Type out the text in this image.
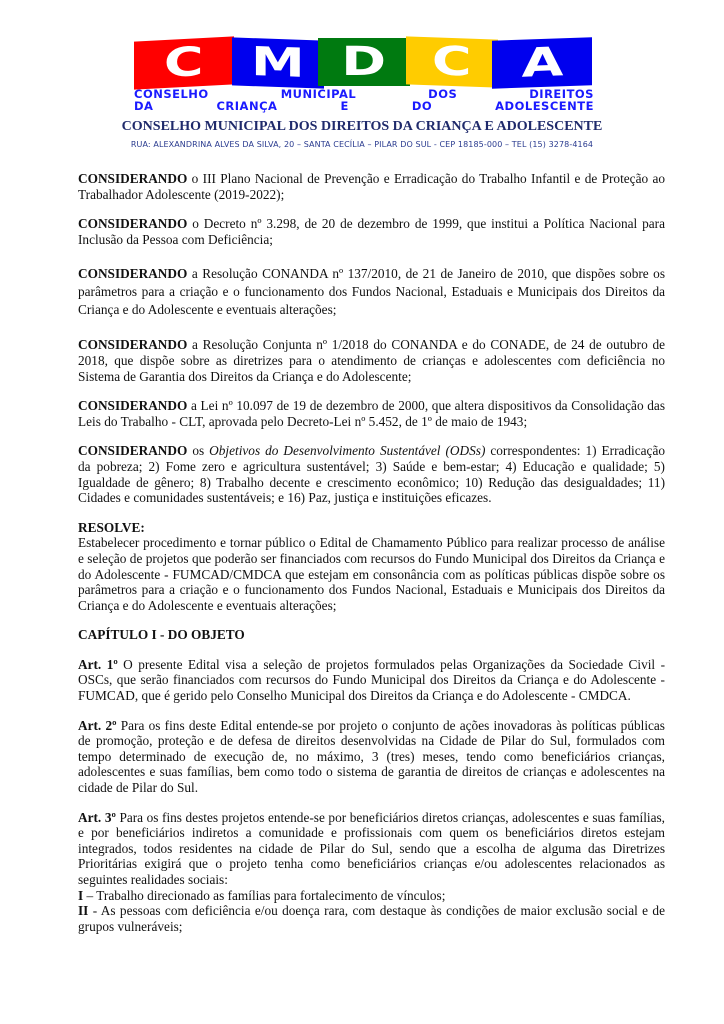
C M D C A
CONSELHO	MUNICIPAL	DOS	DIREITOS
DA	CRIANÇA	E	DO	ADOLESCENTE
CONSELHO MUNICIPAL DOS DIREITOS DA CRIANÇA E ADOLESCENTE
RUA: ALEXANDRINA ALVES DA SILVA, 20 – SANTA CECÍLIA – PILAR DO SUL - CEP 18185-000 – TEL (15) 3278-4164

CONSIDERANDO o III Plano Nacional de Prevenção e Erradicação do Trabalho Infantil e de Proteção ao Trabalhador Adolescente (2019-2022);

CONSIDERANDO o Decreto nº 3.298, de 20 de dezembro de 1999, que institui a Política Nacional para Inclusão da Pessoa com Deficiência;

CONSIDERANDO a Resolução CONANDA nº 137/2010, de 21 de Janeiro de 2010, que dispões sobre os parâmetros para a criação e o funcionamento dos Fundos Nacional, Estaduais e Municipais dos Direitos da Criança e do Adolescente e eventuais alterações;

CONSIDERANDO a Resolução Conjunta nº 1/2018 do CONANDA e do CONADE, de 24 de outubro de 2018, que dispõe sobre as diretrizes para o atendimento de crianças e adolescentes com deficiência no Sistema de Garantia dos Direitos da Criança e do Adolescente;

CONSIDERANDO a Lei nº 10.097 de 19 de dezembro de 2000, que altera dispositivos da Consolidação das Leis do Trabalho - CLT, aprovada pelo Decreto-Lei nº 5.452, de 1º de maio de 1943;

CONSIDERANDO os Objetivos do Desenvolvimento Sustentável (ODSs) correspondentes: 1) Erradicação da pobreza; 2) Fome zero e agricultura sustentável; 3) Saúde e bem-estar; 4) Educação e qualidade; 5) Igualdade de gênero; 8) Trabalho decente e crescimento econômico; 10) Redução das desigualdades; 11) Cidades e comunidades sustentáveis; e 16) Paz, justiça e instituições eficazes.

RESOLVE:

Estabelecer procedimento e tornar público o Edital de Chamamento Público para realizar processo de análise e seleção de projetos que poderão ser financiados com recursos do Fundo Municipal dos Direitos da Criança e do Adolescente - FUMCAD/CMDCA que estejam em consonância com as políticas públicas dispõe sobre os parâmetros para a criação e o funcionamento dos Fundos Nacional, Estaduais e Municipais dos Direitos da Criança e do Adolescente e eventuais alterações;

CAPÍTULO I - DO OBJETO

Art. 1º O presente Edital visa a seleção de projetos formulados pelas Organizações da Sociedade Civil - OSCs, que serão financiados com recursos do Fundo Municipal dos Direitos da Criança e do Adolescente - FUMCAD, que é gerido pelo Conselho Municipal dos Direitos da Criança e do Adolescente - CMDCA.

Art. 2º Para os fins deste Edital entende-se por projeto o conjunto de ações inovadoras às políticas públicas de promoção, proteção e de defesa de direitos desenvolvidas na Cidade de Pilar do Sul, formulados com tempo determinado de execução de, no máximo, 3 (tres) meses, tendo como beneficiários crianças, adolescentes e suas famílias, bem como todo o sistema de garantia de direitos de crianças e adolescentes na cidade de Pilar do Sul.

Art. 3º Para os fins destes projetos entende-se por beneficiários diretos crianças, adolescentes e suas famílias, e por beneficiários indiretos a comunidade e profissionais com quem os beneficiários diretos estejam integrados, todos residentes na cidade de Pilar do Sul, sendo que a escolha de alguma das Diretrizes Prioritárias exigirá que o projeto tenha como beneficiários crianças e/ou adolescentes relacionados as seguintes realidades sociais:

I – Trabalho direcionado as famílias para fortalecimento de vínculos;

II - As pessoas com deficiência e/ou doença rara, com destaque às condições de maior exclusão social e de grupos vulneráveis;
